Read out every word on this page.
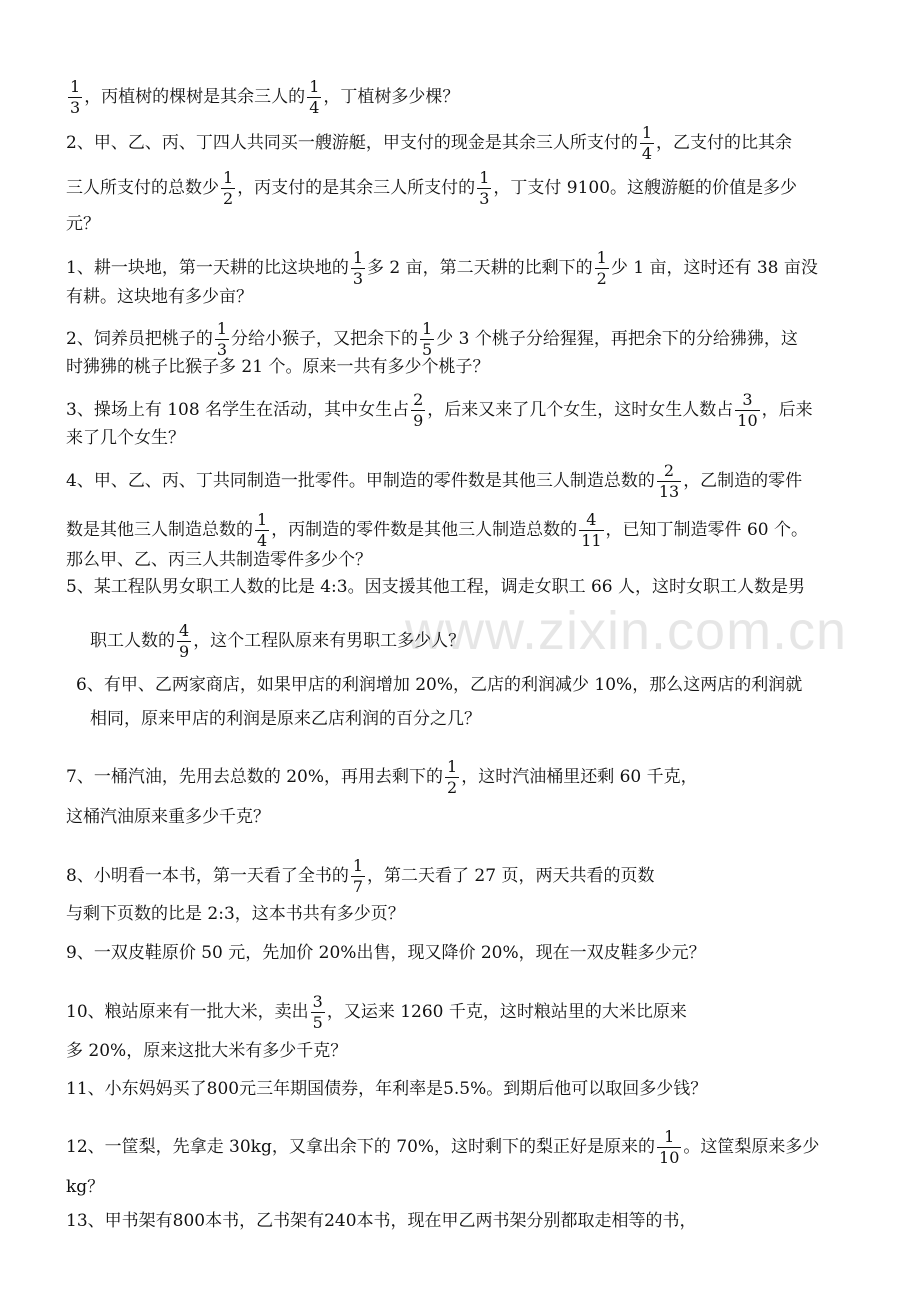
www.zixin.com.cn
$\frac{1}{3}$ ，丙植树的棵树是其余三人的 $\frac{1}{4}$ ，丁植树多少棵？
2、甲、乙、丙、丁四人共同买一艘游艇，甲支付的现金是其余三人所支付的 $\frac{1}{4}$ ，乙支付的比其余
三人所支付的总数少 $\frac{1}{2}$ ，丙支付的是其余三人所支付的 $\frac{1}{3}$ ，丁支付 9100。这艘游艇的价值是多少
元？
1、耕一块地，第一天耕的比这块地的 $\frac{1}{3}$ 多 2 亩，第二天耕的比剩下的 $\frac{1}{2}$ 少 1 亩，这时还有 38 亩没
有耕。这块地有多少亩？
2、饲养员把桃子的 $\frac{1}{3}$ 分给小猴子，又把余下的 $\frac{1}{5}$ 少 3 个桃子分给猩猩，再把余下的分给狒狒，这
时狒狒的桃子比猴子多 21 个。原来一共有多少个桃子？
3、操场上有 108 名学生在活动，其中女生占 $\frac{2}{9}$ ，后来又来了几个女生，这时女生人数占 $\frac{3}{10}$ ，后来
来了几个女生？
4、甲、乙、丙、丁共同制造一批零件。甲制造的零件数是其他三人制造总数的 $\frac{2}{13}$ ，乙制造的零件
数是其他三人制造总数的 $\frac{1}{4}$ ，丙制造的零件数是其他三人制造总数的 $\frac{4}{11}$ ，已知丁制造零件 60 个。
那么甲、乙、丙三人共制造零件多少个？
5、某工程队男女职工人数的比是 4:3。因支援其他工程，调走女职工 66 人，这时女职工人数是男
职工人数的 $\frac{4}{9}$ ，这个工程队原来有男职工多少人？
6、有甲、乙两家商店，如果甲店的利润增加 20%，乙店的利润减少 10%，那么这两店的利润就
相同，原来甲店的利润是原来乙店利润的百分之几？
7、一桶汽油，先用去总数的 20%，再用去剩下的 $\frac{1}{2}$ ，这时汽油桶里还剩 60 千克，
这桶汽油原来重多少千克？
8、小明看一本书，第一天看了全书的 $\frac{1}{7}$ ，第二天看了 27 页，两天共看的页数
与剩下页数的比是 2:3，这本书共有多少页？
9、一双皮鞋原价 50 元，先加价 20%出售，现又降价 20%，现在一双皮鞋多少元？
10、粮站原来有一批大米，卖出 $\frac{3}{5}$ ，又运来 1260 千克，这时粮站里的大米比原来
多 20%，原来这批大米有多少千克？
11、小东妈妈买了800元三年期国债券，年利率是5.5%。到期后他可以取回多少钱？
12、一筐梨，先拿走 30kg，又拿出余下的 70%，这时剩下的梨正好是原来的 $\frac{1}{10}$ 。这筐梨原来多少
kg？
13、甲书架有800本书，乙书架有240本书，现在甲乙两书架分别都取走相等的书，
